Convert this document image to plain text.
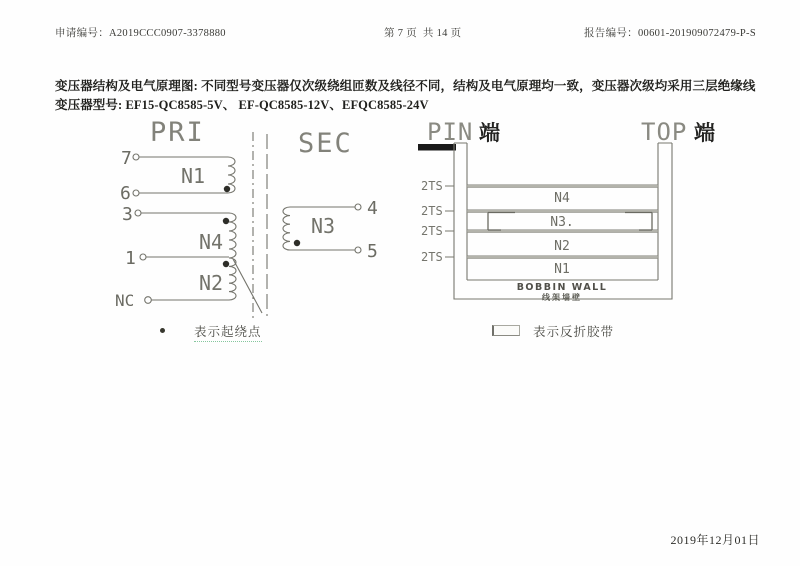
申请编号：A2019CCC0907-3378880	第 7 页  共 14 页	报告编号：00601-201909072479-P-S
变压器结构及电气原理图: 不同型号变压器仅次级绕组匝数及线径不同，结构及电气原理均一致，变压器次级均采用三层绝缘线
变压器型号: EF15-QC8585-5V、 EF-QC8585-12V、EFQC8585-24V
PRI	SEC
7
6
3
1
NC
4
5
N1
N4
N2
N3
PIN 端	TOP 端
2TS
2TS
2TS
2TS
N4
N3.
N2
N1
BOBBIN WALL
线架墙壁
表示起绕点	表示反折胶带
2019年12月01日
